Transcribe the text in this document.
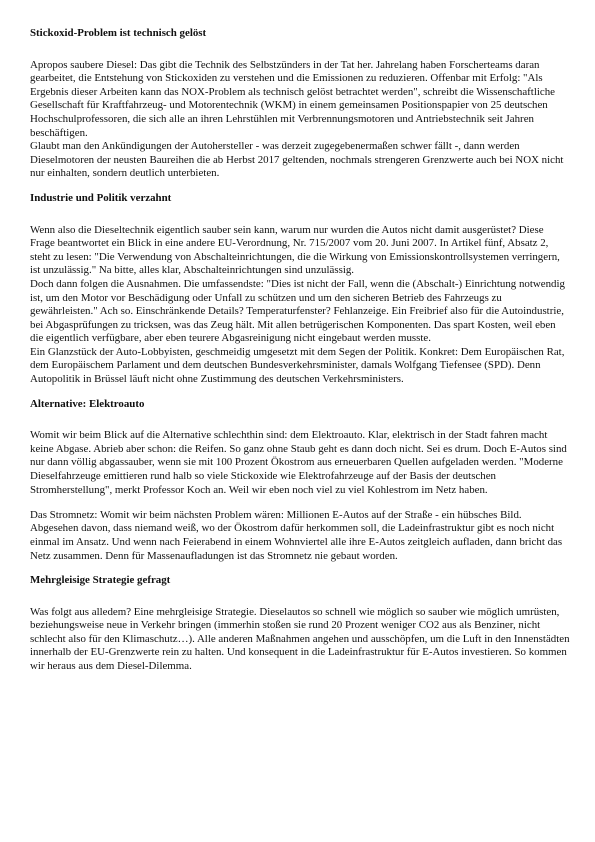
Stickoxid-Problem ist technisch gelöst

Apropos saubere Diesel: Das gibt die Technik des Selbstzünders in der Tat her. Jahrelang haben Forscherteams daran gearbeitet, die Entstehung von Stickoxiden zu verstehen und die Emissionen zu reduzieren. Offenbar mit Erfolg: "Als Ergebnis dieser Arbeiten kann das NOX-Problem als technisch gelöst betrachtet werden", schreibt die Wissenschaftliche Gesellschaft für Kraftfahrzeug- und Motorentechnik (WKM) in einem gemeinsamen Positionspapier von 25 deutschen Hochschulprofessoren, die sich alle an ihren Lehrstühlen mit Verbrennungsmotoren und Antriebstechnik seit Jahren beschäftigen.

Glaubt man den Ankündigungen der Autohersteller - was derzeit zugegebenermaßen schwer fällt -, dann werden Dieselmotoren der neusten Baureihen die ab Herbst 2017 geltenden, nochmals strengeren Grenzwerte auch bei NOX nicht nur einhalten, sondern deutlich unterbieten.

Industrie und Politik verzahnt

Wenn also die Dieseltechnik eigentlich sauber sein kann, warum nur wurden die Autos nicht damit ausgerüstet? Diese Frage beantwortet ein Blick in eine andere EU-Verordnung, Nr. 715/2007 vom 20. Juni 2007. In Artikel fünf, Absatz 2, steht zu lesen: "Die Verwendung von Abschalteinrichtungen, die die Wirkung von Emissionskontrollsystemen verringern, ist unzulässig." Na bitte, alles klar, Abschalteinrichtungen sind unzulässig.

Doch dann folgen die Ausnahmen. Die umfassendste: "Dies ist nicht der Fall, wenn die (Abschalt-) Einrichtung notwendig ist, um den Motor vor Beschädigung oder Unfall zu schützen und um den sicheren Betrieb des Fahrzeugs zu gewährleisten." Ach so. Einschränkende Details? Temperaturfenster? Fehlanzeige. Ein Freibrief also für die Autoindustrie, bei Abgasprüfungen zu tricksen, was das Zeug hält. Mit allen betrügerischen Komponenten. Das spart Kosten, weil eben die eigentlich verfügbare, aber eben teurere Abgasreinigung nicht eingebaut werden musste.

Ein Glanzstück der Auto-Lobbyisten, geschmeidig umgesetzt mit dem Segen der Politik. Konkret: Dem Europäischen Rat, dem Europäischem Parlament und dem deutschen Bundesverkehrsminister, damals Wolfgang Tiefensee (SPD). Denn Autopolitik in Brüssel läuft nicht ohne Zustimmung des deutschen Verkehrsministers.

Alternative: Elektroauto

Womit wir beim Blick auf die Alternative schlechthin sind: dem Elektroauto. Klar, elektrisch in der Stadt fahren macht keine Abgase. Abrieb aber schon: die Reifen. So ganz ohne Staub geht es dann doch nicht. Sei es drum. Doch E-Autos sind nur dann völlig abgassauber, wenn sie mit 100 Prozent Ökostrom aus erneuerbaren Quellen aufgeladen werden. "Moderne Dieselfahrzeuge emittieren rund halb so viele Stickoxide wie Elektrofahrzeuge auf der Basis der deutschen Stromherstellung", merkt Professor Koch an. Weil wir eben noch viel zu viel Kohlestrom im Netz haben.

Das Stromnetz: Womit wir beim nächsten Problem wären: Millionen E-Autos auf der Straße - ein hübsches Bild. Abgesehen davon, dass niemand weiß, wo der Ökostrom dafür herkommen soll, die Ladeinfrastruktur gibt es noch nicht einmal im Ansatz. Und wenn nach Feierabend in einem Wohnviertel alle ihre E-Autos zeitgleich aufladen, dann bricht das Netz zusammen. Denn für Massenaufladungen ist das Stromnetz nie gebaut worden.

Mehrgleisige Strategie gefragt

Was folgt aus alledem? Eine mehrgleisige Strategie. Dieselautos so schnell wie möglich so sauber wie möglich umrüsten, beziehungsweise neue in Verkehr bringen (immerhin stoßen sie rund 20 Prozent weniger CO2 aus als Benziner, nicht schlecht also für den Klimaschutz…). Alle anderen Maßnahmen angehen und ausschöpfen, um die Luft in den Innenstädten innerhalb der EU-Grenzwerte rein zu halten. Und konsequent in die Ladeinfrastruktur für E-Autos investieren. So kommen wir heraus aus dem Diesel-Dilemma.
